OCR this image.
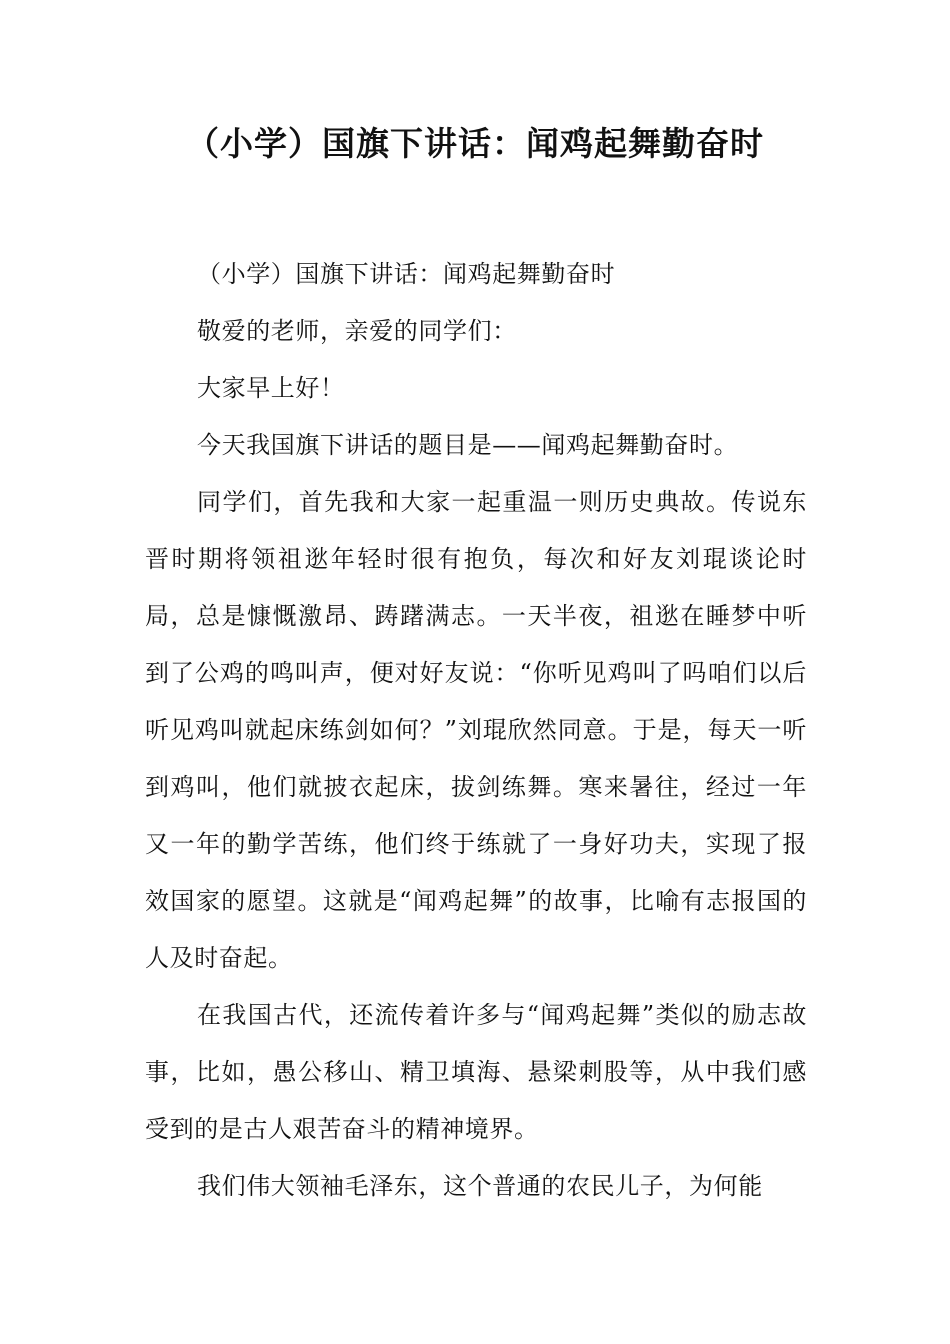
（小学）国旗下讲话：闻鸡起舞勤奋时

（小学）国旗下讲话：闻鸡起舞勤奋时

敬爱的老师，亲爱的同学们：

大家早上好！

今天我国旗下讲话的题目是——闻鸡起舞勤奋时。

同学们，首先我和大家一起重温一则历史典故。传说东晋时期将领祖逖年轻时很有抱负，每次和好友刘琨谈论时局，总是慷慨激昂、踌躇满志。一天半夜，祖逖在睡梦中听到了公鸡的鸣叫声，便对好友说：“你听见鸡叫了吗咱们以后听见鸡叫就起床练剑如何？”刘琨欣然同意。于是，每天一听到鸡叫，他们就披衣起床，拔剑练舞。寒来暑往，经过一年又一年的勤学苦练，他们终于练就了一身好功夫，实现了报效国家的愿望。这就是“闻鸡起舞”的故事，比喻有志报国的人及时奋起。

在我国古代，还流传着许多与“闻鸡起舞”类似的励志故事，比如，愚公移山、精卫填海、悬梁刺股等，从中我们感受到的是古人艰苦奋斗的精神境界。

我们伟大领袖毛泽东，这个普通的农民儿子，为何能
